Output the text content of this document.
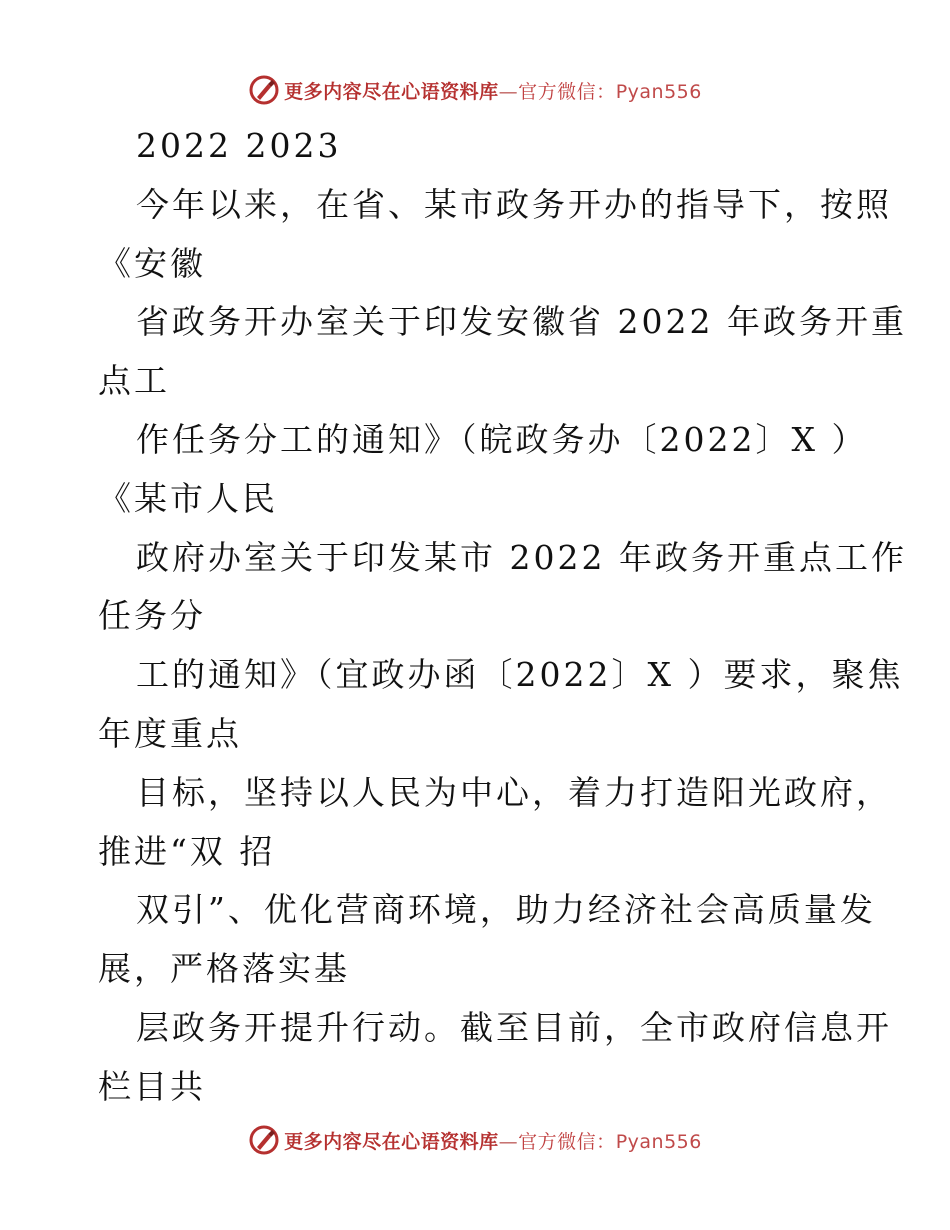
更多内容尽在心语资料库—官方微信：Pyan556
2022 2023
今年以来，在省、某市政务开办的指导下，按照
《安徽
省政务开办室关于印发安徽省 2022 年政务开重
点工
作任务分工的通知》（皖政务办〔2022〕X ）
《某市人民
政府办室关于印发某市 2022 年政务开重点工作
任务分
工的通知》（宜政办函〔2022〕X ）要求，聚焦
年度重点
目标，坚持以人民为中心，着力打造阳光政府，
推进“双 招
双引”、优化营商环境，助力经济社会高质量发
展，严格落实基
层政务开提升行动。截至目前，全市政府信息开
栏目共
更多内容尽在心语资料库—官方微信：Pyan556
